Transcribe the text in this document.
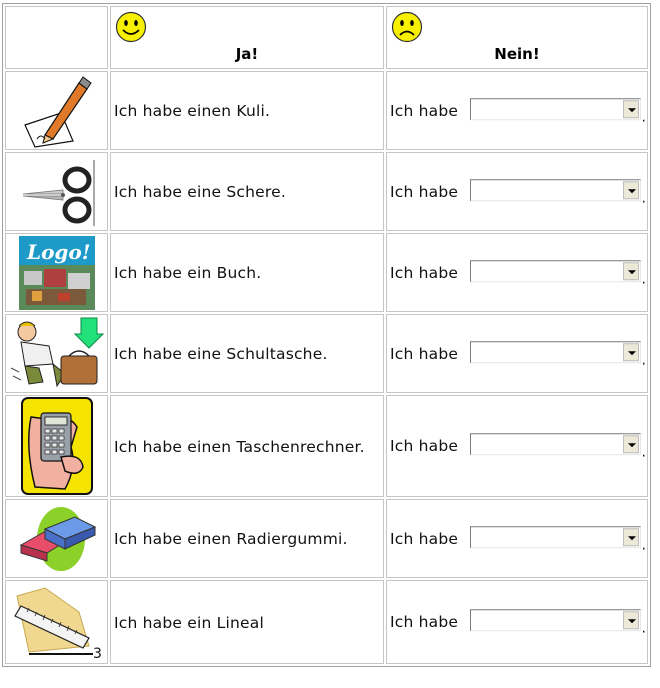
	Ja!	Nein!

	Ich habe einen Kuli.	Ich habe .

	Ich habe eine Schere.	Ich habe .

Logo!	Ich habe ein Buch.	Ich habe .

	Ich habe eine Schultasche.	Ich habe .

	Ich habe einen Taschenrechner.	Ich habe .

	Ich habe einen Radiergummi.	Ich habe .

3	Ich habe ein Lineal	Ich habe .
